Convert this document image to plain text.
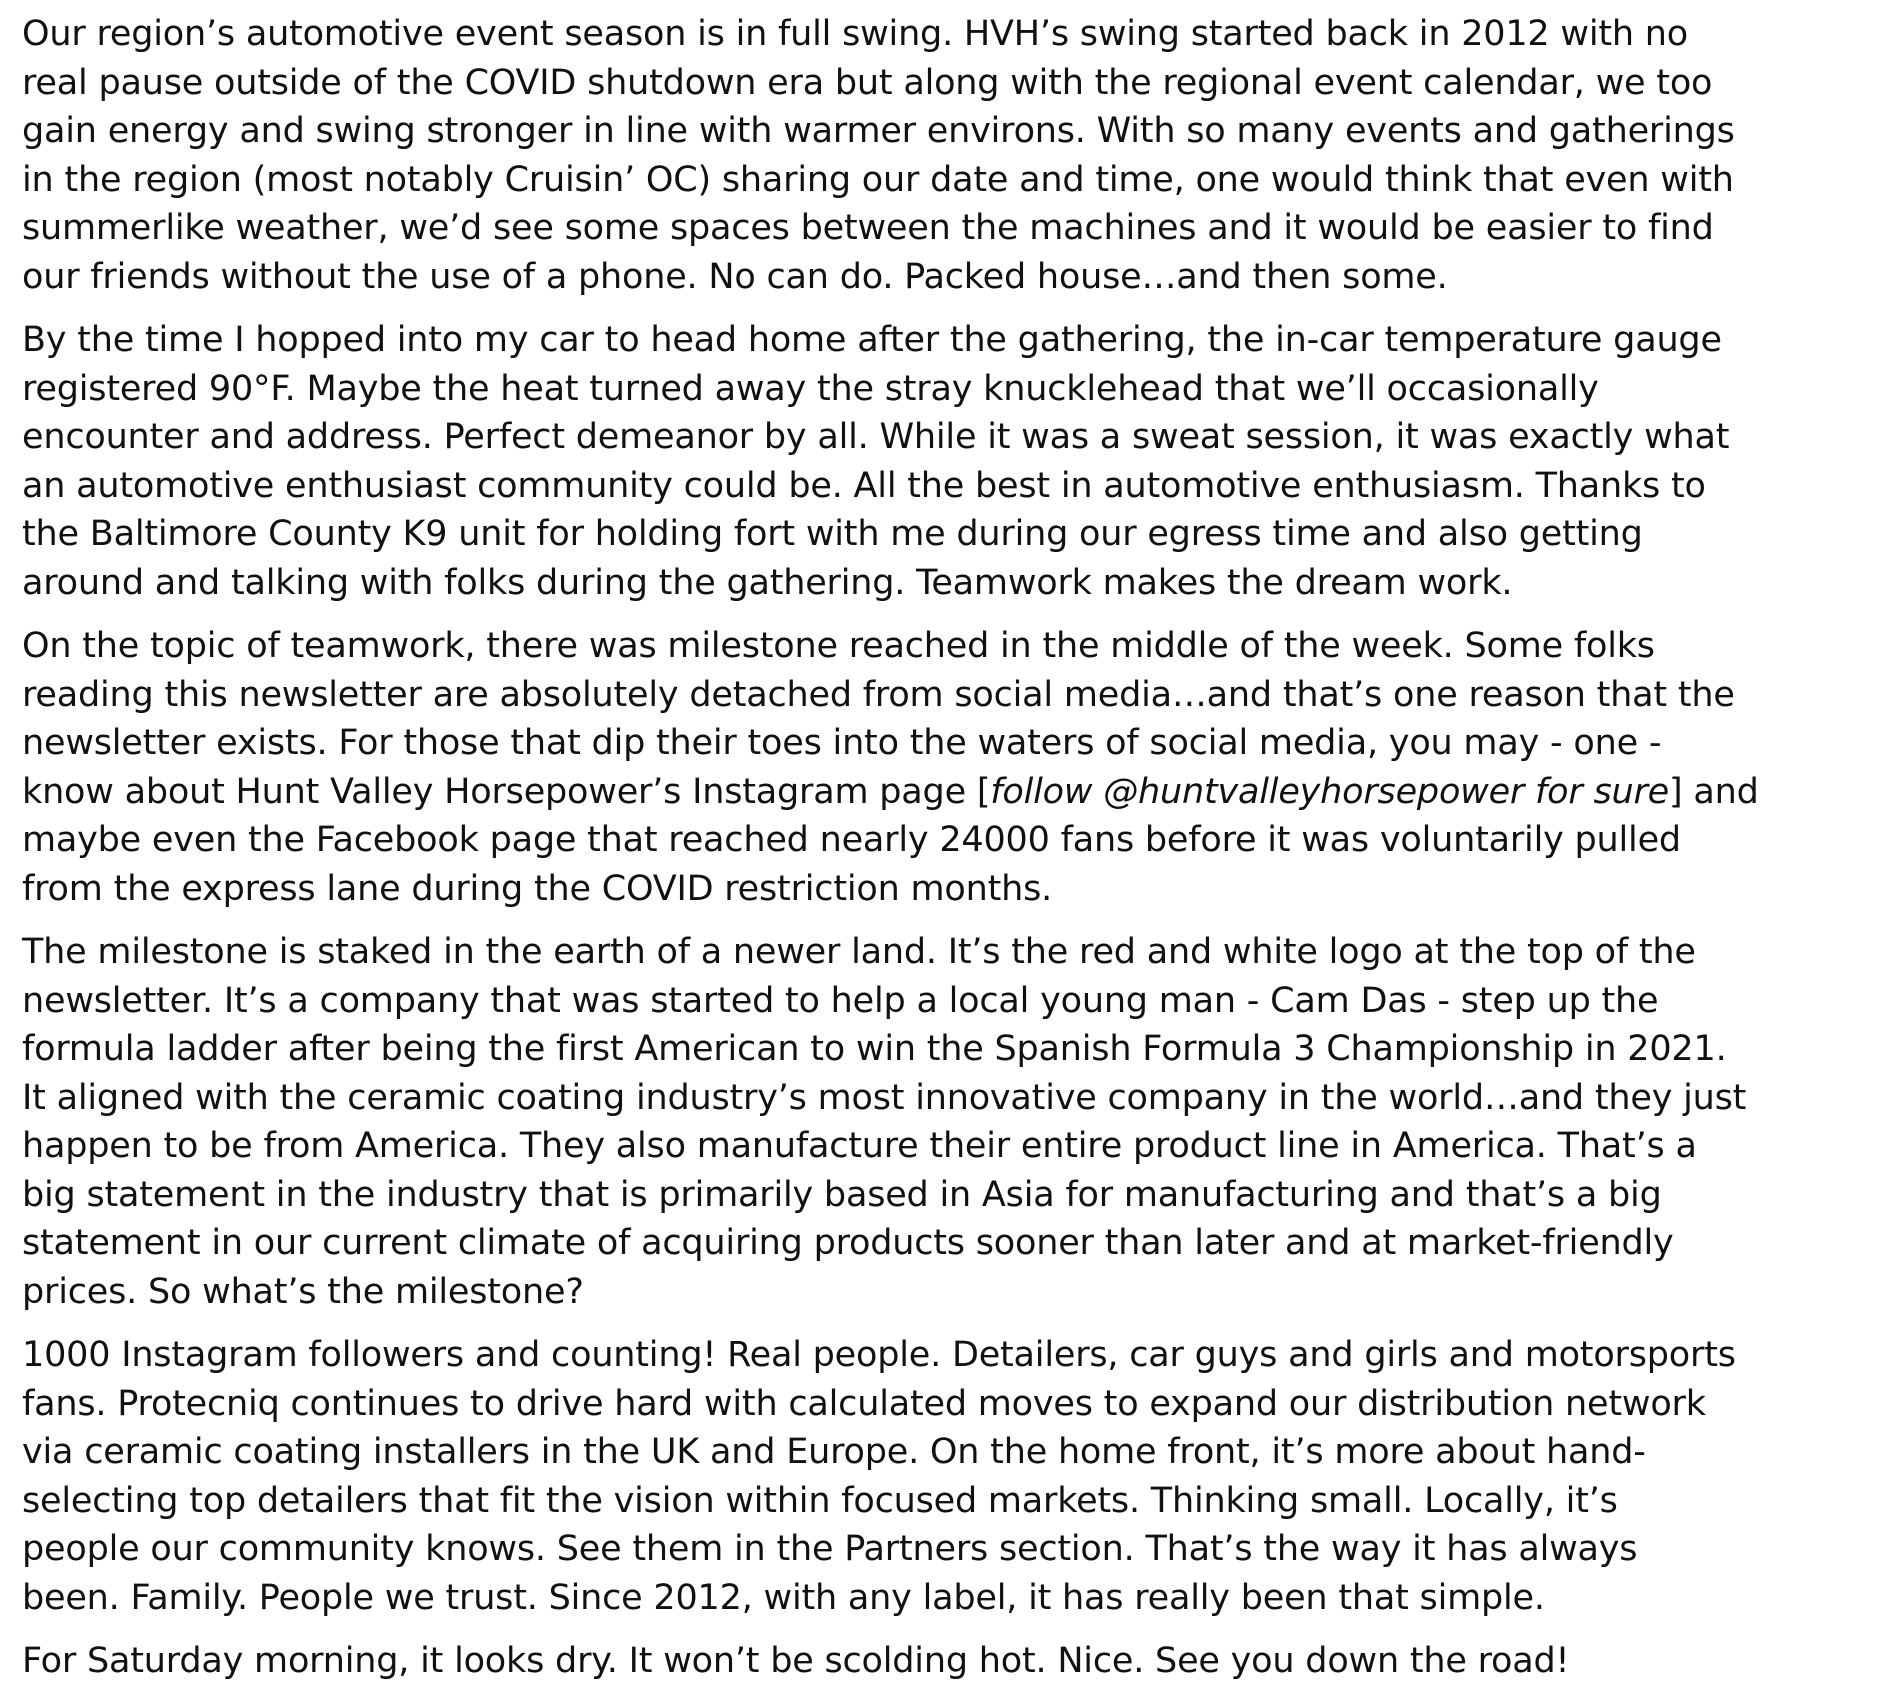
Our region’s automotive event season is in full swing. HVH’s swing started back in 2012 with no
real pause outside of the COVID shutdown era but along with the regional event calendar, we too
gain energy and swing stronger in line with warmer environs. With so many events and gatherings
in the region (most notably Cruisin’ OC) sharing our date and time, one would think that even with
summerlike weather, we’d see some spaces between the machines and it would be easier to find
our friends without the use of a phone. No can do. Packed house…and then some.

By the time I hopped into my car to head home after the gathering, the in-car temperature gauge
registered 90°F. Maybe the heat turned away the stray knucklehead that we’ll occasionally
encounter and address. Perfect demeanor by all. While it was a sweat session, it was exactly what
an automotive enthusiast community could be. All the best in automotive enthusiasm. Thanks to
the Baltimore County K9 unit for holding fort with me during our egress time and also getting
around and talking with folks during the gathering. Teamwork makes the dream work.

On the topic of teamwork, there was milestone reached in the middle of the week. Some folks
reading this newsletter are absolutely detached from social media…and that’s one reason that the
newsletter exists. For those that dip their toes into the waters of social media, you may - one -
know about Hunt Valley Horsepower’s Instagram page [follow @huntvalleyhorsepower for sure] and
maybe even the Facebook page that reached nearly 24000 fans before it was voluntarily pulled
from the express lane during the COVID restriction months.

The milestone is staked in the earth of a newer land. It’s the red and white logo at the top of the
newsletter. It’s a company that was started to help a local young man - Cam Das - step up the
formula ladder after being the first American to win the Spanish Formula 3 Championship in 2021.
It aligned with the ceramic coating industry’s most innovative company in the world…and they just
happen to be from America. They also manufacture their entire product line in America. That’s a
big statement in the industry that is primarily based in Asia for manufacturing and that’s a big
statement in our current climate of acquiring products sooner than later and at market-friendly
prices. So what’s the milestone?

1000 Instagram followers and counting! Real people. Detailers, car guys and girls and motorsports
fans. Protecniq continues to drive hard with calculated moves to expand our distribution network
via ceramic coating installers in the UK and Europe. On the home front, it’s more about hand-
selecting top detailers that fit the vision within focused markets. Thinking small. Locally, it’s
people our community knows. See them in the Partners section. That’s the way it has always
been. Family. People we trust. Since 2012, with any label, it has really been that simple.

For Saturday morning, it looks dry. It won’t be scolding hot. Nice. See you down the road!
